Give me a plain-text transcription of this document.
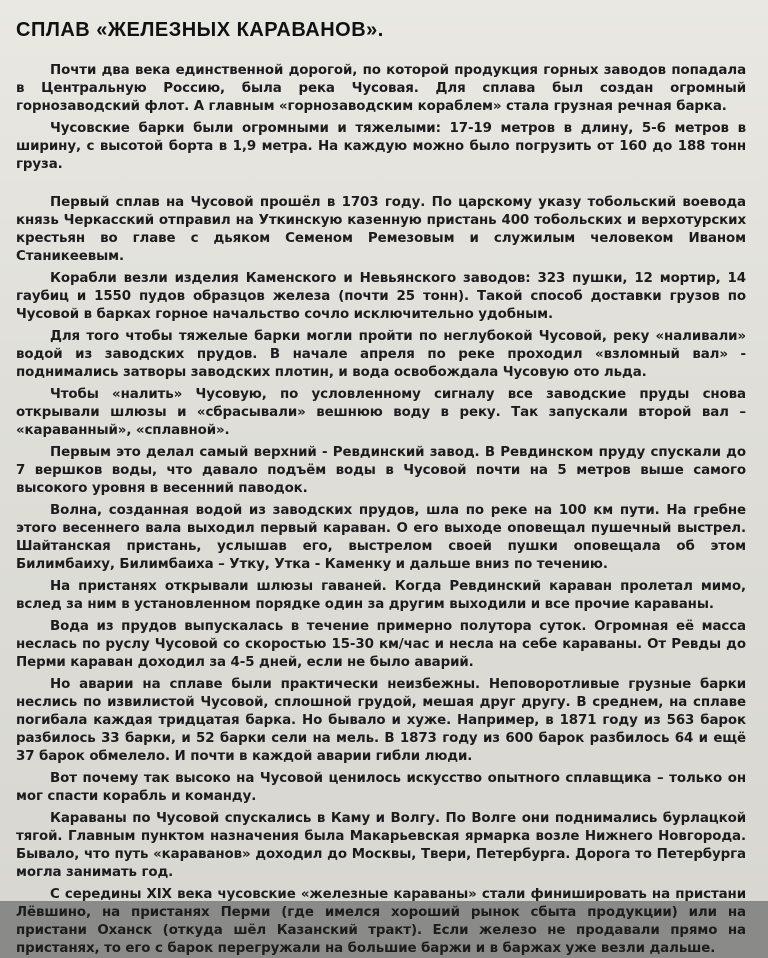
СПЛАВ «ЖЕЛЕЗНЫХ КАРАВАНОВ».

Почти два века единственной дорогой, по которой продукция горных заводов попадала в Центральную Россию, была река Чусовая. Для сплава был создан огромный горнозаводский флот. А главным «горнозаводским кораблем» стала грузная речная барка.

Чусовские барки были огромными и тяжелыми: 17-19 метров в длину, 5-6 метров в ширину, с высотой борта в 1,9 метра. На каждую можно было погрузить от 160 до 188 тонн груза.

Первый сплав на Чусовой прошёл в 1703 году. По царскому указу тобольский воевода князь Черкасский отправил на Уткинскую казенную пристань 400 тобольских и верхотурских крестьян во главе с дьяком Семеном Ремезовым и служилым человеком Иваном Станикеевым.

Корабли везли изделия Каменского и Невьянского заводов: 323 пушки, 12 мортир, 14 гаубиц и 1550 пудов образцов железа (почти 25 тонн). Такой способ доставки грузов по Чусовой в барках горное начальство сочло исключительно удобным.

Для того чтобы тяжелые барки могли пройти по неглубокой Чусовой, реку «наливали» водой из заводских прудов. В начале апреля по реке проходил «взломный вал» - поднимались затворы заводских плотин, и вода освобождала Чусовую ото льда.

Чтобы «налить» Чусовую, по условленному сигналу все заводские пруды снова открывали шлюзы и «сбрасывали» вешнюю воду в реку. Так запускали второй вал – «караванный», «сплавной».

Первым это делал самый верхний - Ревдинский завод. В Ревдинском пруду спускали до 7 вершков воды, что давало подъём воды в Чусовой почти на 5 метров выше самого высокого уровня в весенний паводок.

Волна, созданная водой из заводских прудов, шла по реке на 100 км пути. На гребне этого весеннего вала выходил первый караван. О его выходе оповещал пушечный выстрел. Шайтанская пристань, услышав его, выстрелом своей пушки оповещала об этом Билимбаиху, Билимбаиха – Утку, Утка - Каменку и дальше вниз по течению.

На пристанях открывали шлюзы гаваней. Когда Ревдинский караван пролетал мимо, вслед за ним в установленном порядке один за другим выходили и все прочие караваны.

Вода из прудов выпускалась в течение примерно полутора суток. Огромная её масса неслась по руслу Чусовой со скоростью 15-30 км/час и несла на себе караваны. От Ревды до Перми караван доходил за 4-5 дней, если не было аварий.

Но аварии на сплаве были практически неизбежны. Неповоротливые грузные барки неслись по извилистой Чусовой, сплошной грудой, мешая друг другу. В среднем, на сплаве погибала каждая тридцатая барка. Но бывало и хуже. Например, в 1871 году из 563 барок разбилось 33 барки, и 52 барки сели на мель. В 1873 году из 600 барок разбилось 64 и ещё 37 барок обмелело. И почти в каждой аварии гибли люди.

Вот почему так высоко на Чусовой ценилось искусство опытного сплавщика – только он мог спасти корабль и команду.

Караваны по Чусовой спускались в Каму и Волгу. По Волге они поднимались бурлацкой тягой. Главным пунктом назначения была Макарьевская ярмарка возле Нижнего Новгорода. Бывало, что путь «караванов» доходил до Москвы, Твери, Петербурга. Дорога то Петербурга могла занимать год.

С середины XIX века чусовские «железные караваны» стали финишировать на пристани Лёвшино, на пристанях Перми (где имелся хороший рынок сбыта продукции) или на пристани Оханск (откуда шёл Казанский тракт). Если железо не продавали прямо на пристанях, то его с барок перегружали на большие баржи и в баржах уже везли дальше.
